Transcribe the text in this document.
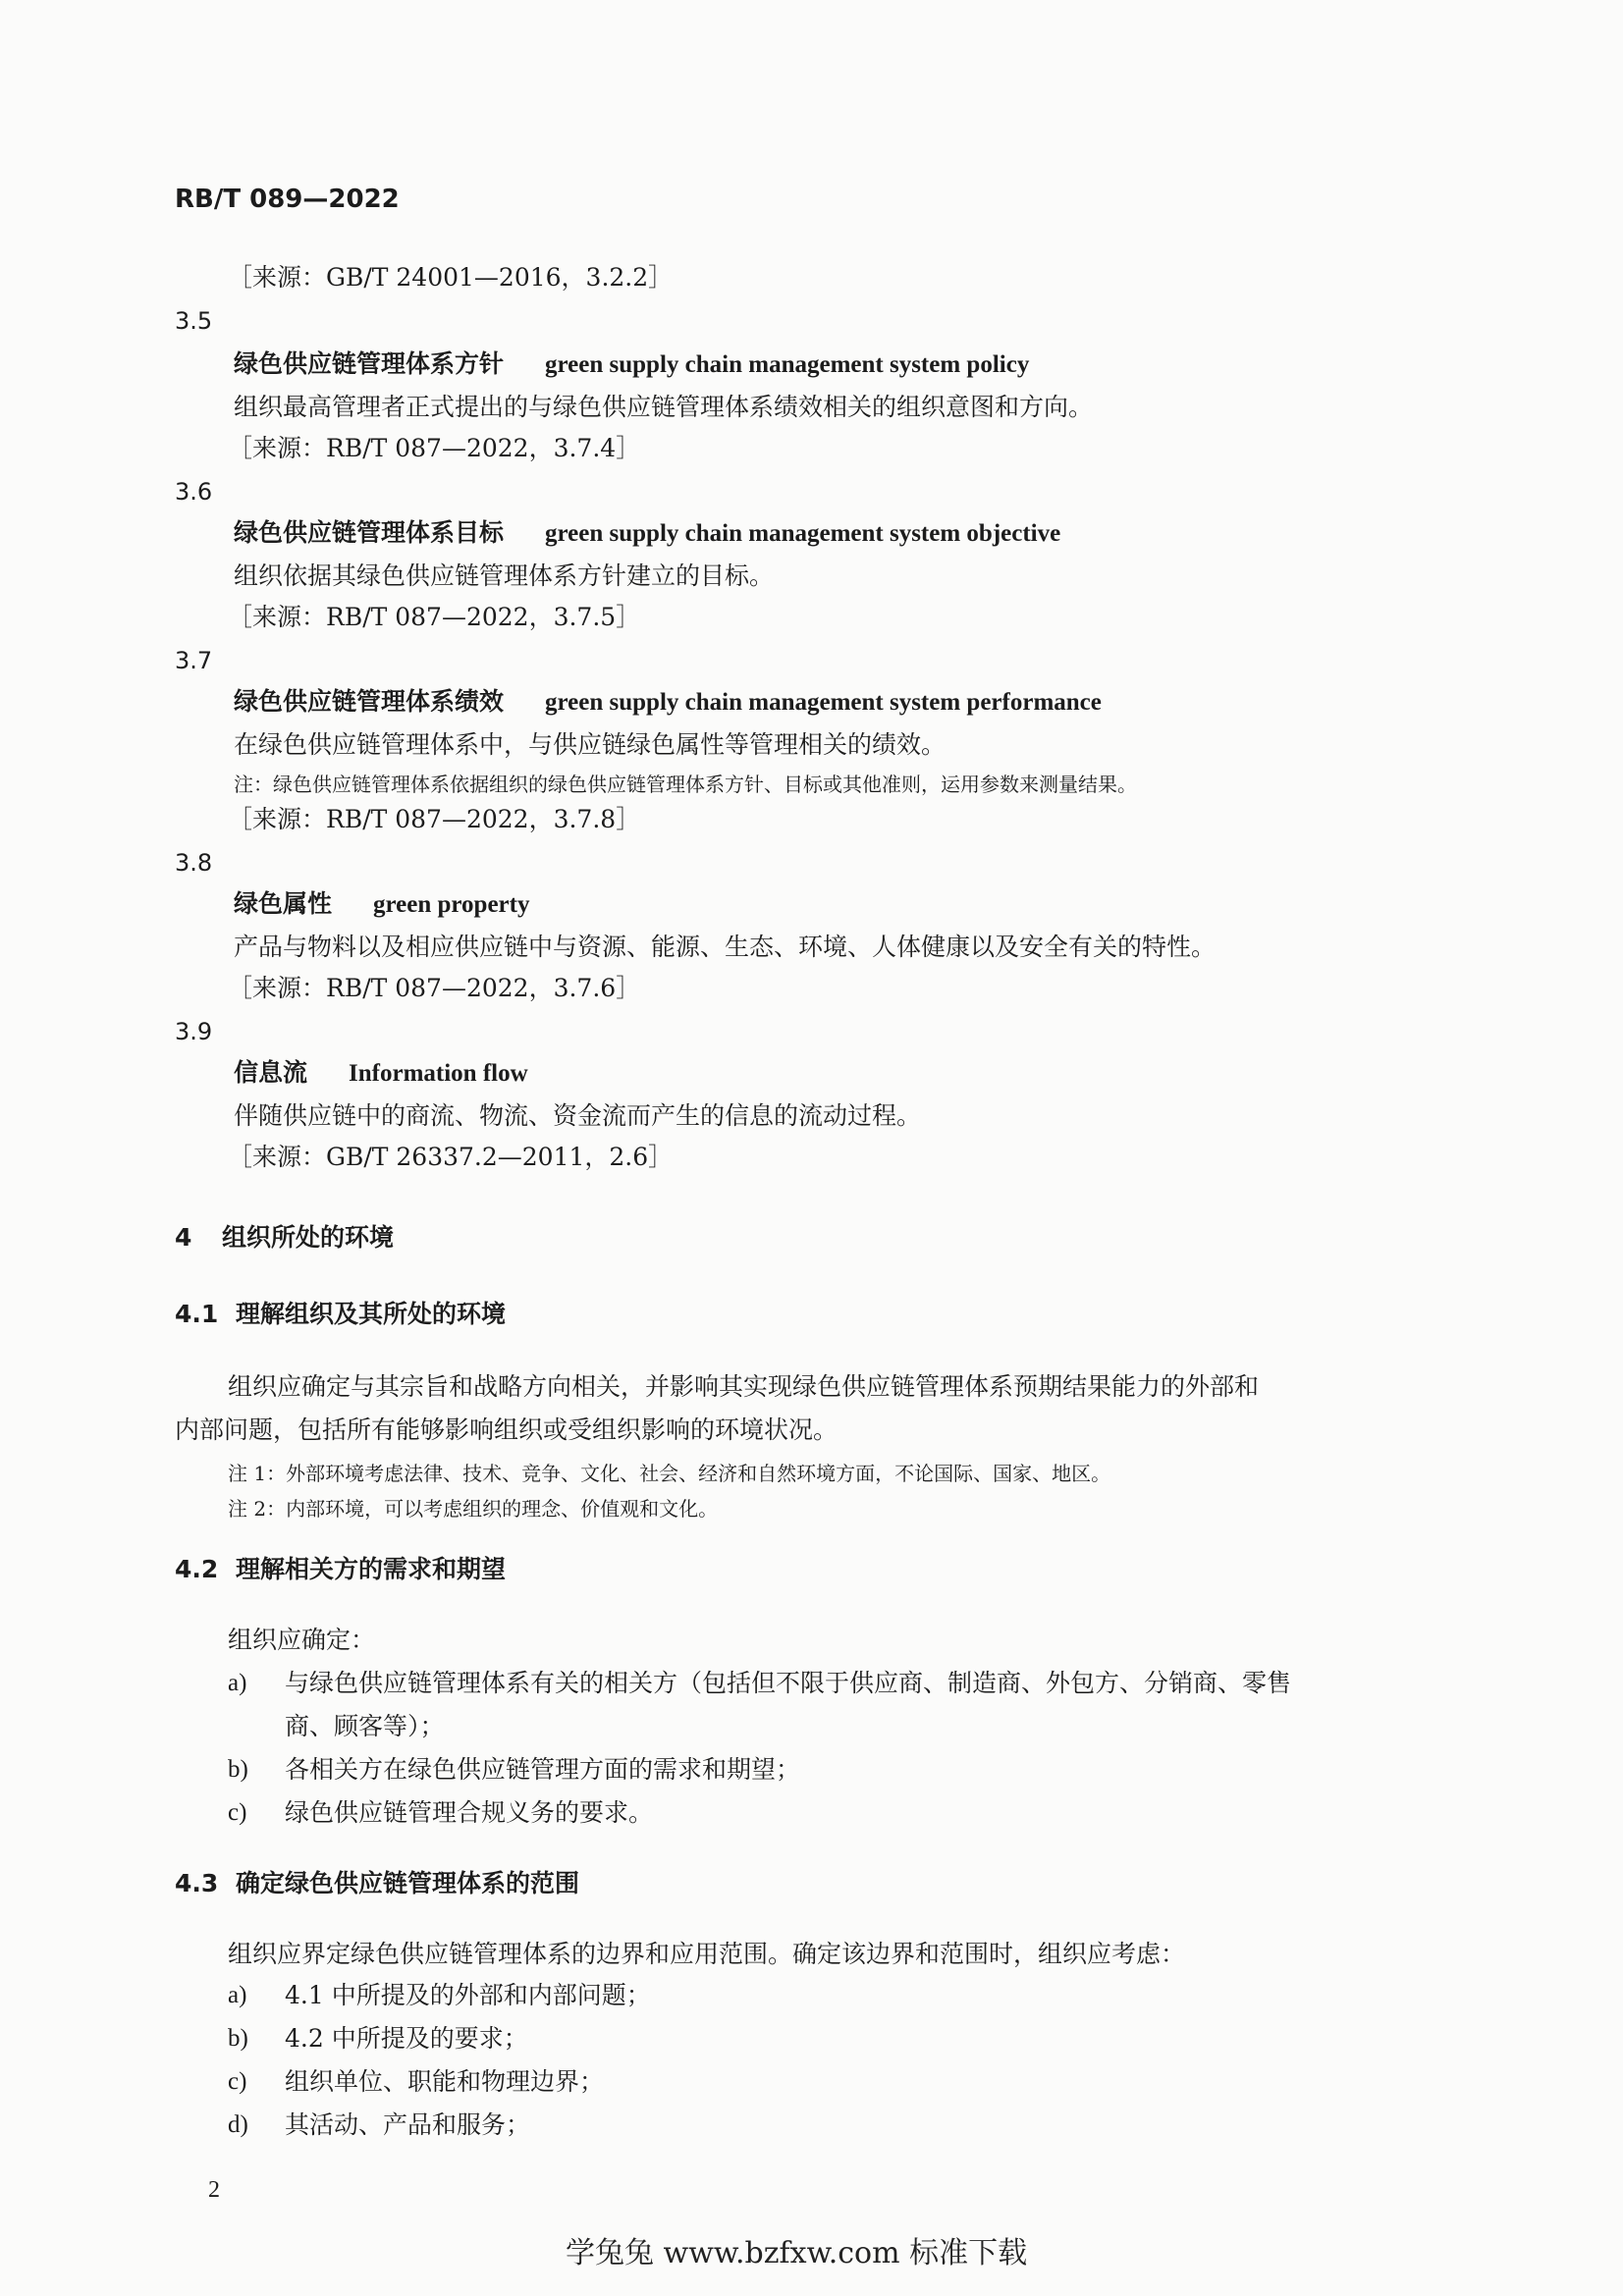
RB/T 089—2022
［来源：GB/T 24001—2016，3.2.2］
3.5
绿色供应链管理体系方针 green supply chain management system policy
组织最高管理者正式提出的与绿色供应链管理体系绩效相关的组织意图和方向。
［来源：RB/T 087—2022，3.7.4］
3.6
绿色供应链管理体系目标 green supply chain management system objective
组织依据其绿色供应链管理体系方针建立的目标。
［来源：RB/T 087—2022，3.7.5］
3.7
绿色供应链管理体系绩效 green supply chain management system performance
在绿色供应链管理体系中，与供应链绿色属性等管理相关的绩效。
注：绿色供应链管理体系依据组织的绿色供应链管理体系方针、目标或其他准则，运用参数来测量结果。
［来源：RB/T 087—2022，3.7.8］
3.8
绿色属性 green property
产品与物料以及相应供应链中与资源、能源、生态、环境、人体健康以及安全有关的特性。
［来源：RB/T 087—2022，3.7.6］
3.9
信息流 Information flow
伴随供应链中的商流、物流、资金流而产生的信息的流动过程。
［来源：GB/T 26337.2—2011，2.6］
4 组织所处的环境
4.1 理解组织及其所处的环境
组织应确定与其宗旨和战略方向相关，并影响其实现绿色供应链管理体系预期结果能力的外部和
内部问题，包括所有能够影响组织或受组织影响的环境状况。
注 1：外部环境考虑法律、技术、竞争、文化、社会、经济和自然环境方面，不论国际、国家、地区。
注 2：内部环境，可以考虑组织的理念、价值观和文化。
4.2 理解相关方的需求和期望
组织应确定：
a) 与绿色供应链管理体系有关的相关方（包括但不限于供应商、制造商、外包方、分销商、零售
商、顾客等）；
b) 各相关方在绿色供应链管理方面的需求和期望；
c) 绿色供应链管理合规义务的要求。
4.3 确定绿色供应链管理体系的范围
组织应界定绿色供应链管理体系的边界和应用范围。确定该边界和范围时，组织应考虑：
a) 4.1 中所提及的外部和内部问题；
b) 4.2 中所提及的要求；
c) 组织单位、职能和物理边界；
d) 其活动、产品和服务；
2
学兔兔 www.bzfxw.com 标准下载
